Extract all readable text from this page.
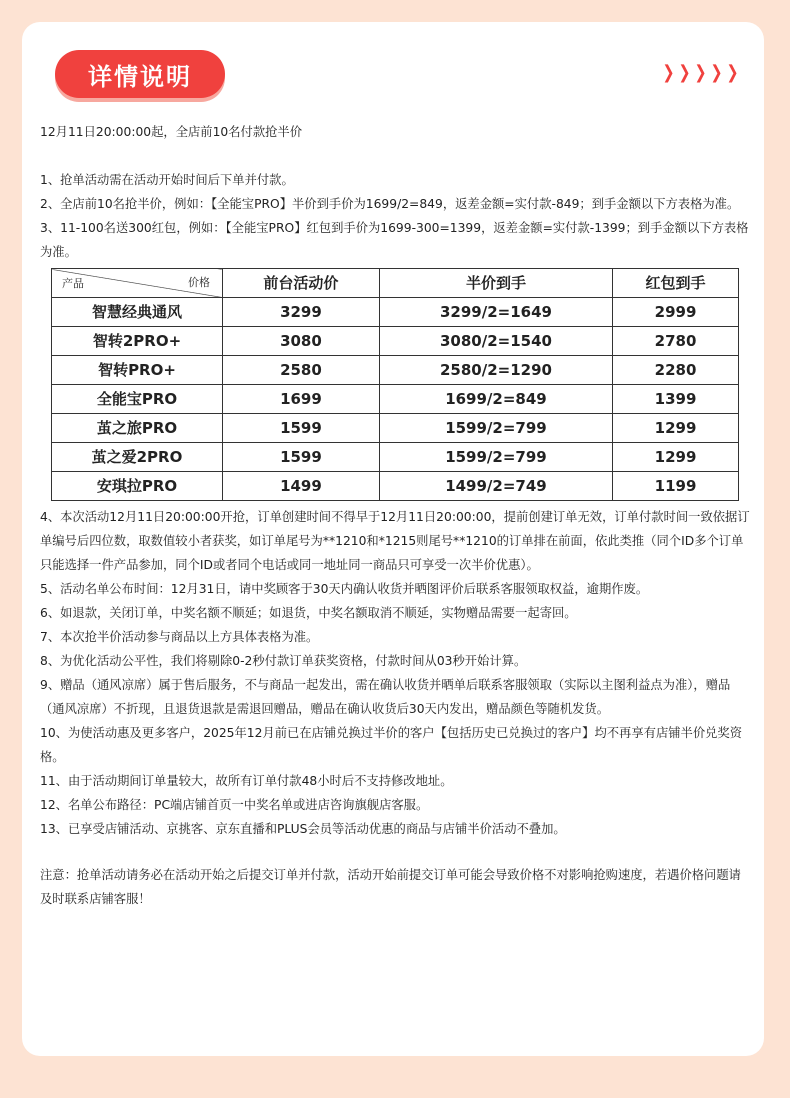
详情说明	❯ ❯ ❯ ❯ ❯

12月11日20:00:00起，全店前10名付款抢半价

1、抢单活动需在活动开始时间后下单并付款。

2、全店前10名抢半价，例如：【全能宝PRO】半价到手价为1699/2=849，返差金额=实付款-849；到手金额以下方表格为准。

3、11-100名送300红包，例如：【全能宝PRO】红包到手价为1699-300=1399，返差金额=实付款-1399；到手金额以下方表格为准。

价格
产品	前台活动价	半价到手	红包到手
智慧经典通风	3299	3299/2=1649	2999
智转2PRO+	3080	3080/2=1540	2780
智转PRO+	2580	2580/2=1290	2280
全能宝PRO	1699	1699/2=849	1399
茧之旅PRO	1599	1599/2=799	1299
茧之爱2PRO	1599	1599/2=799	1299
安琪拉PRO	1499	1499/2=749	1199

4、本次活动12月11日20:00:00开抢，订单创建时间不得早于12月11日20:00:00，提前创建订单无效，订单付款时间一致依据订单编号后四位数，取数值较小者获奖，如订单尾号为**1210和*1215则尾号**1210的订单排在前面，依此类推（同个ID多个订单只能选择一件产品参加，同个ID或者同个电话或同一地址同一商品只可享受一次半价优惠）。

5、活动名单公布时间：12月31日，请中奖顾客于30天内确认收货并晒图评价后联系客服领取权益，逾期作废。

6、如退款，关闭订单，中奖名额不顺延；如退货，中奖名额取消不顺延，实物赠品需要一起寄回。

7、本次抢半价活动参与商品以上方具体表格为准。

8、为优化活动公平性，我们将剔除0-2秒付款订单获奖资格，付款时间从03秒开始计算。

9、赠品（通风凉席）属于售后服务，不与商品一起发出，需在确认收货并晒单后联系客服领取（实际以主图利益点为准），赠品（通风凉席）不折现，且退货退款是需退回赠品，赠品在确认收货后30天内发出，赠品颜色等随机发货。

10、为使活动惠及更多客户，2025年12月前已在店铺兑换过半价的客户【包括历史已兑换过的客户】均不再享有店铺半价兑奖资格。

11、由于活动期间订单量较大，故所有订单付款48小时后不支持修改地址。

12、名单公布路径：PC端店铺首页一中奖名单或进店咨询旗舰店客服。

13、已享受店铺活动、京挑客、京东直播和PLUS会员等活动优惠的商品与店铺半价活动不叠加。

注意：抢单活动请务必在活动开始之后提交订单并付款，活动开始前提交订单可能会导致价格不对影响抢购速度，若遇价格问题请及时联系店铺客服！
